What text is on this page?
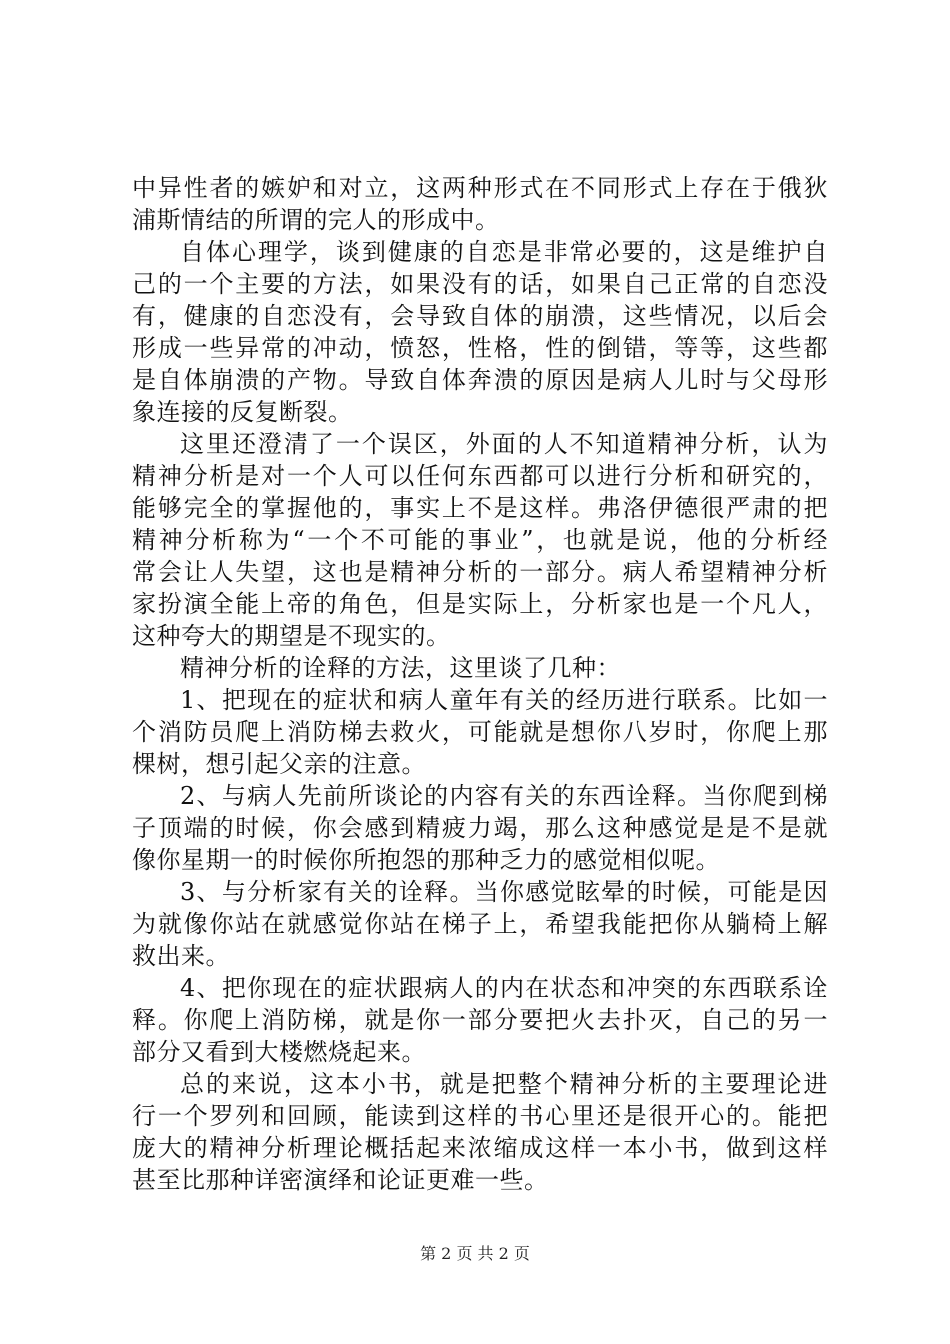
中异性者的嫉妒和对立，这两种形式在不同形式上存在于俄狄
浦斯情结的所谓的完人的形成中。
自体心理学，谈到健康的自恋是非常必要的，这是维护自
己的一个主要的方法，如果没有的话，如果自己正常的自恋没
有，健康的自恋没有，会导致自体的崩溃，这些情况，以后会
形成一些异常的冲动，愤怒，性格，性的倒错，等等，这些都
是自体崩溃的产物。导致自体奔溃的原因是病人儿时与父母形
象连接的反复断裂。
这里还澄清了一个误区，外面的人不知道精神分析，认为
精神分析是对一个人可以任何东西都可以进行分析和研究的，
能够完全的掌握他的，事实上不是这样。弗洛伊德很严肃的把
精神分析称为“一个不可能的事业”，也就是说，他的分析经
常会让人失望，这也是精神分析的一部分。病人希望精神分析
家扮演全能上帝的角色，但是实际上，分析家也是一个凡人，
这种夸大的期望是不现实的。
精神分析的诠释的方法，这里谈了几种：
1、把现在的症状和病人童年有关的经历进行联系。比如一
个消防员爬上消防梯去救火，可能就是想你八岁时，你爬上那
棵树，想引起父亲的注意。
2、与病人先前所谈论的内容有关的东西诠释。当你爬到梯
子顶端的时候，你会感到精疲力竭，那么这种感觉是是不是就
像你星期一的时候你所抱怨的那种乏力的感觉相似呢。
3、与分析家有关的诠释。当你感觉眩晕的时候，可能是因
为就像你站在就感觉你站在梯子上，希望我能把你从躺椅上解
救出来。
4、把你现在的症状跟病人的内在状态和冲突的东西联系诠
释。你爬上消防梯，就是你一部分要把火去扑灭，自己的另一
部分又看到大楼燃烧起来。
总的来说，这本小书，就是把整个精神分析的主要理论进
行一个罗列和回顾，能读到这样的书心里还是很开心的。能把
庞大的精神分析理论概括起来浓缩成这样一本小书，做到这样
甚至比那种详密演绎和论证更难一些。
第 2 页 共 2 页
